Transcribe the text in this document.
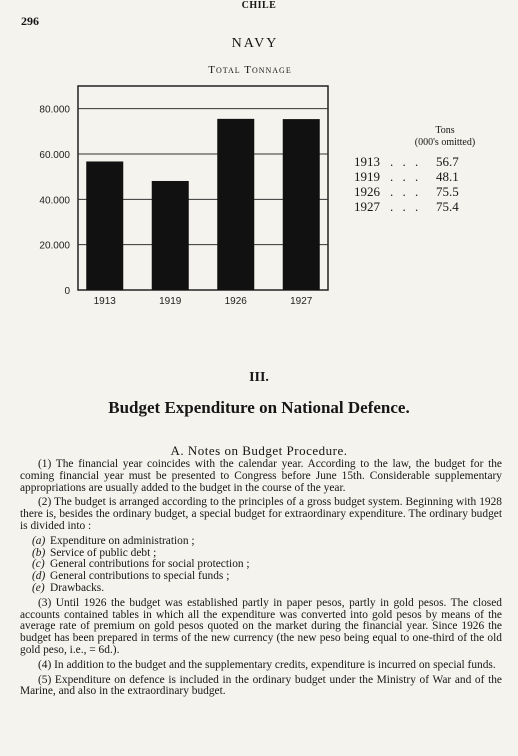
296
CHILE
NAVY
Total Tonnage
0
20.000
40.000
60.000
80.000
1913	1919	1926	1927
Tons
(000's omitted)
1913 . . .	56.7
1919 . . .	48.1
1926 . . .	75.5
1927 . . .	75.4
III.
Budget Expenditure on National Defence.
A. Notes on Budget Procedure.

(1) The financial year coincides with the calendar year. According to the law, the budget for the coming financial year must be presented to Congress before June 15th. Considerable supplementary appropriations are usually added to the budget in the course of the year.

(2) The budget is arranged according to the principles of a gross budget system. Beginning with 1928 there is, besides the ordinary budget, a special budget for extraordinary expenditure. The ordinary budget is divided into :

(a) Expenditure on administration ;
(b) Service of public debt ;
(c) General contributions for social protection ;
(d) General contributions to special funds ;
(e) Drawbacks.

(3) Until 1926 the budget was established partly in paper pesos, partly in gold pesos. The closed accounts contained tables in which all the expenditure was converted into gold pesos by means of the average rate of premium on gold pesos quoted on the market during the financial year. Since 1926 the budget has been prepared in terms of the new currency (the new peso being equal to one-third of the old gold peso, i.e., = 6d.).

(4) In addition to the budget and the supplementary credits, expenditure is incurred on special funds.

(5) Expenditure on defence is included in the ordinary budget under the Ministry of War and of the Marine, and also in the extraordinary budget.
